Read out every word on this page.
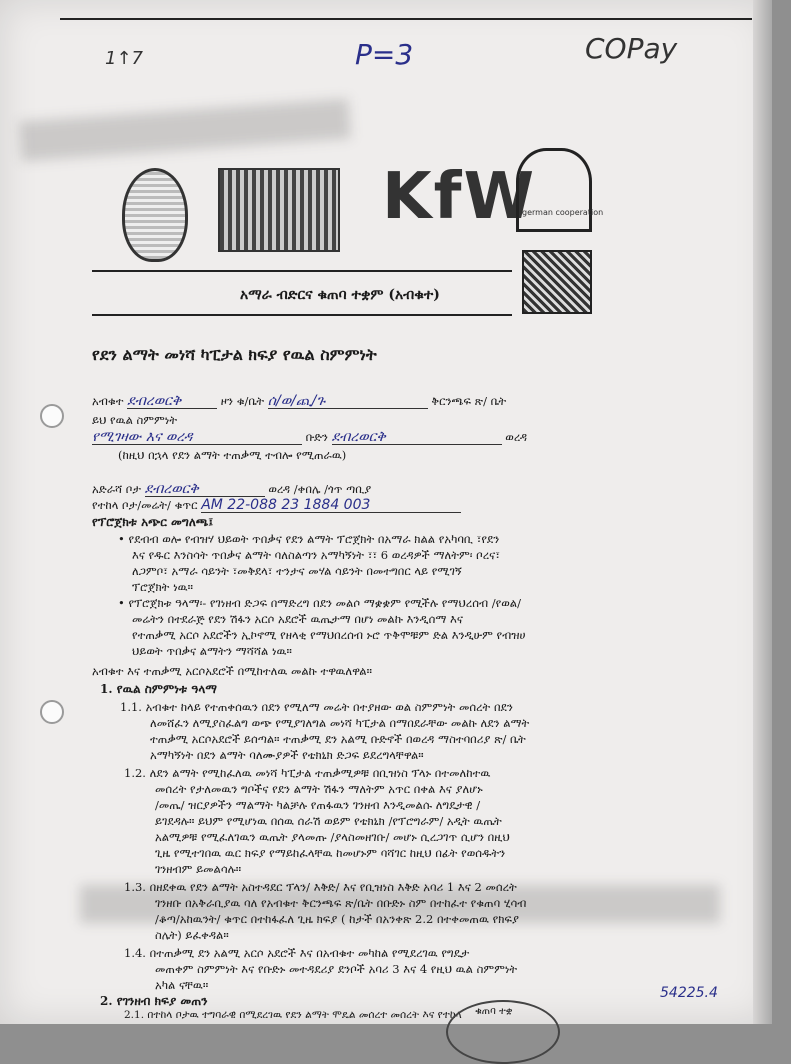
1↑7	P=3	COPay
KfW
german cooperation
አማራ ብድርና ቁጠባ ተቋም (አብቁተ)
የደን ልማት መነሻ ካፒታል ክፍያ የዉል ስምምነት
አብቁተ ደብረወርቅ	ዞን ቁ/ቤት ሰ/ወ/ጪ/ጉ	ቅርንጫፍ ጽ/ ቤት
ይህ የዉል ስምምነት
የሚገዛው እና ወረዳ	ቡድን ደብረወርቅ	ወረዳ
(ከዚህ በኋላ የደን ልማት ተጠቃሚ ተብሎ የሚጠራዉ)
አድራሻ ቦታ ደብረወርቅ	ወረዳ /ቀበሌ /ጎጥ ጣቢያ
የተከላ ቦታ/መሬት/ ቁጥር AM 22-088 23 1884 003
የፕሮጀክቱ አጭር መግለጫ፤
• የደብብ ወሎ የብዝሃ ህይወት ጥበቃና የደን ልማት ፕሮጀክት በአማራ ክልል የአካባቢ ፣የደን
እና የዱር እንስሳት ጥበቃና ልማት ባለስልጣን አማካኝነት ፣፣ 6 ወረዳዎች ማለትም፡ ቦረና፣
ለጋምቦ፣ አማራ ሳይንት ፣መቅደላ፣ ተንታና መሃል ሳይንት በመተግበር ላይ የሚገኝ
ፕሮጀክት ነዉ።
• የፕሮጀክቱ ዓላማ፡- የገነዘብ ድጋፍ በማድረግ በደን መልሶ ማቋቋም የሚችሉ የማህረሰብ /የወል/
መሬትን በተደራጅ የደን ሽፋን አርሶ አደሮች ዉጤታማ በሆነ መልኩ እንዲሰማ እና
የተጠቃሚ አርሶ አደሮችን ኢኮኖሚ የዘላቂ የማህበረሰብ ኑሮ ጥቅሞቹም ድል እንዲሁም የብዝሀ
ህይወት ጥበቃና ልማትን ማሻሻል ነዉ።
አብቁተ እና ተጠቃሚ አርሶአደሮች በሚከተለዉ መልኩ ተዋዉለዋል።
1. የዉል ስምምነቱ ዓላማ
1.1. አብቁተ ከላይ የተጠቀሰዉን በደን የሚለማ መሬት በተያዘው ወል ስምምነት መሰረት በደን
ለመሸፈን ለሚያስፈልግ ወጭ የሚያገለግል መነሻ ካፒታል በማበደራቸው መልኩ ለደን ልማት
ተጠቃሚ አርሶአደሮች ይሰጣል። ተጠቃሚ ደን አልሚ ቡድኖች በወረዳ ማስተባበሪያ ጽ/ ቤት
አማካኝነት በደን ልማት ባለሙያዎች የቴክኒክ ድጋፍ ይደረግላቸዋል።
1.2. ለደን ልማት የሚከፈለዉ መነሻ ካፒታል ተጠቃሚዎቹ በቢዝነስ ፕላኑ በተመለከተዉ
መሰረት የታለመዉን ግቦችና የደን ልማት ሽፋን ማለትም አጥር በቀል እና ያለሆኑ
/መጤ/ ዝርያዎችን ማልማት ካልቻሉ የጠፋዉን ገንዘብ እንዲመልሱ ለግዴታዊ /
ይገደዳሉ። ይህም የሚሆነዉ በሰዉ ሰራሽ ወይም የቴክኒክ /የፕሮግራም/ አዲት ዉጤት
አልሚዎቹ የሚፈለገዉን ዉጤት ያላመጡ /ያላስመዘገቡ/ መሆኑ ሲረጋገጥ ሲሆን በዚህ
ጊዜ የሚተገበዉ ዉር ክፍያ የማይከፈላቸዉ ከመሆኑም ባሻገር ከዚህ በፊት የወሰዱትን
ገንዘብም ይመልሳሉ።
1.3. በዘደቀዉ የደን ልማት አስተዳደር ፕላን/ እቅድ/ እና የቢዝነስ እቅድ አባሪ 1 እና 2 መሰረት
ገንዘቡ በአቅራቢያዉ ባለ የአብቁተ ቅርንጫፍ ጽ/ቤት በቡድኑ ስም በተከፈተ የቁጠባ ሂሳብ
/ቆጣ/አከዉንት/ ቁጥር በተከፋፈለ ጊዜ ክፍያ ( ከታች በአንቀጽ 2.2 በተቀመጠዉ የክፍያ
ስሌት) ይፈቀዳል።
1.4. በተጠቃሚ ደን አልሚ አርሶ አደሮች እና በአብቁተ መካከል የሚደረገዉ የግዴታ
መጠቀም ስምምነት እና የቡድኑ መተዳደሪያ ደንቦች አባሪ 3 እና 4 የዚህ ዉል ስምምነት
አካል ናቸዉ።
2. የገንዘብ ክፍያ መጠን
2.1. በተከላ ቦታዉ ተግባራዊ በሚደረገዉ የደን ልማት ሞዴል መሰረተ መሰረት እና የተከላ
54225.4
ቁጠባ ተቋ
